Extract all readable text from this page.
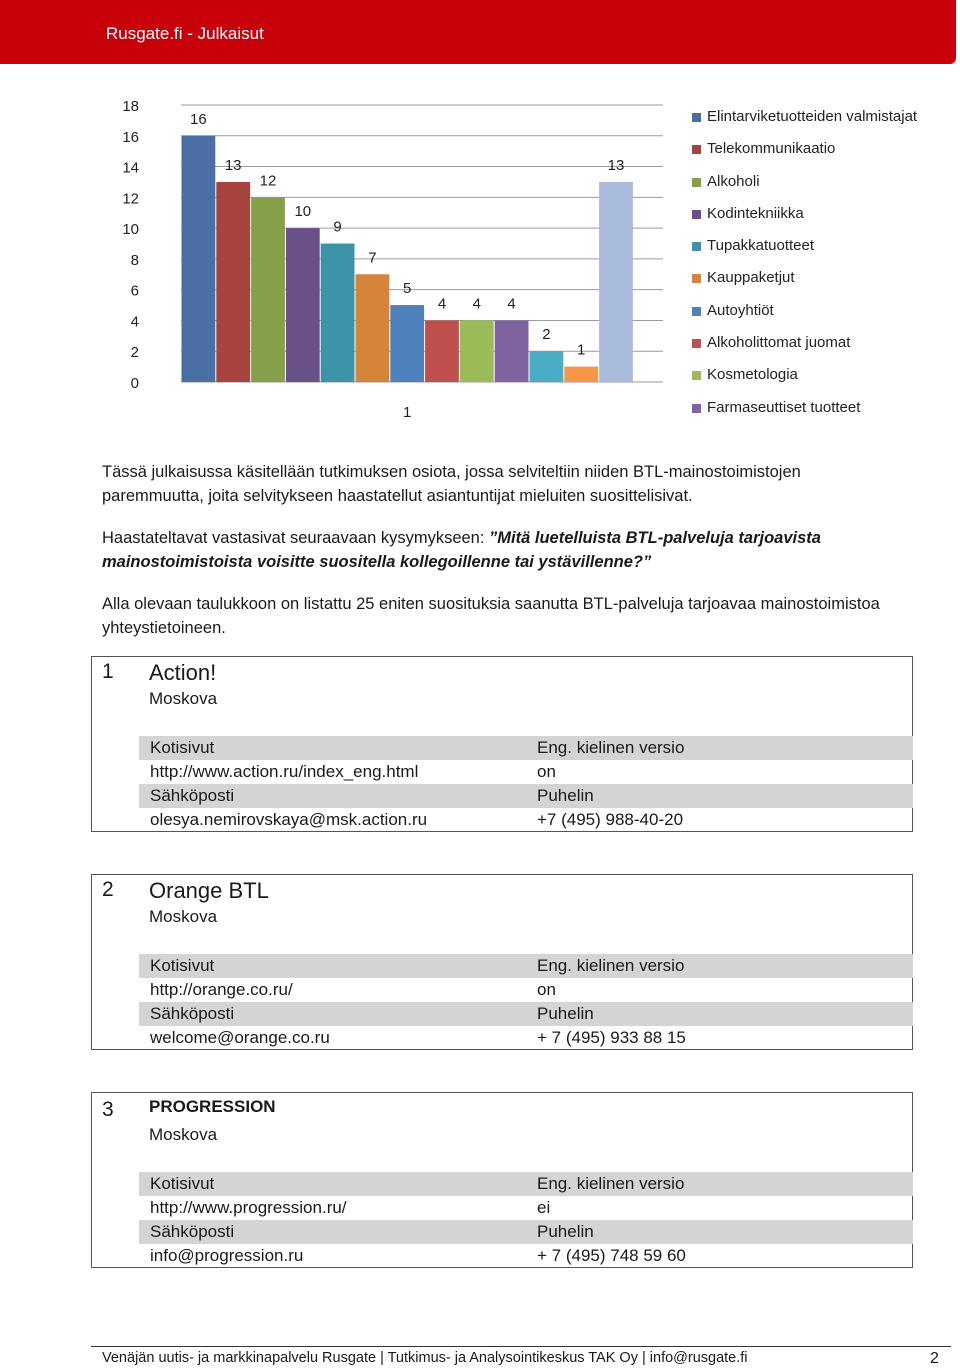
Rusgate.fi - Julkaisut
0
2
4
6
8
10
12
14
16
18
16
13
12
10
9
7
5
4 4 4
2
1
13
1
Elintarviketuotteiden valmistajat
Telekommunikaatio
Alkoholi
Kodintekniikka
Tupakkatuotteet
Kauppaketjut
Autoyhtiöt
Alkoholittomat juomat
Kosmetologia
Farmaseuttiset tuotteet

Tässä julkaisussa käsitellään tutkimuksen osiota, jossa selviteltiin niiden BTL-mainostoimistojen paremmuutta, joita selvitykseen haastatellut asiantuntijat mieluiten suosittelisivat.

Haastateltavat vastasivat seuraavaan kysymykseen: ”Mitä luetelluista BTL-palveluja tarjoavista mainostoimistoista voisitte suositella kollegoillenne tai ystävillenne?”

Alla olevaan taulukkoon on listattu 25 eniten suosituksia saanutta BTL-palveluja tarjoavaa mainostoimistoa yhteystietoineen.

1 Action!
Moskova
Kotisivut	Eng. kielinen versio
http://www.action.ru/index_eng.html	on
Sähköposti	Puhelin
olesya.nemirovskaya@msk.action.ru	+7 (495) 988-40-20
2 Orange BTL
Moskova
Kotisivut	Eng. kielinen versio
http://orange.co.ru/	on
Sähköposti	Puhelin
welcome@orange.co.ru	+ 7 (495) 933 88 15
3 PROGRESSION
Moskova
Kotisivut	Eng. kielinen versio
http://www.progression.ru/	ei
Sähköposti	Puhelin
info@progression.ru	+ 7 (495) 748 59 60
Venäjän uutis- ja markkinapalvelu Rusgate | Tutkimus- ja Analysointikeskus TAK Oy | info@rusgate.fi	2
